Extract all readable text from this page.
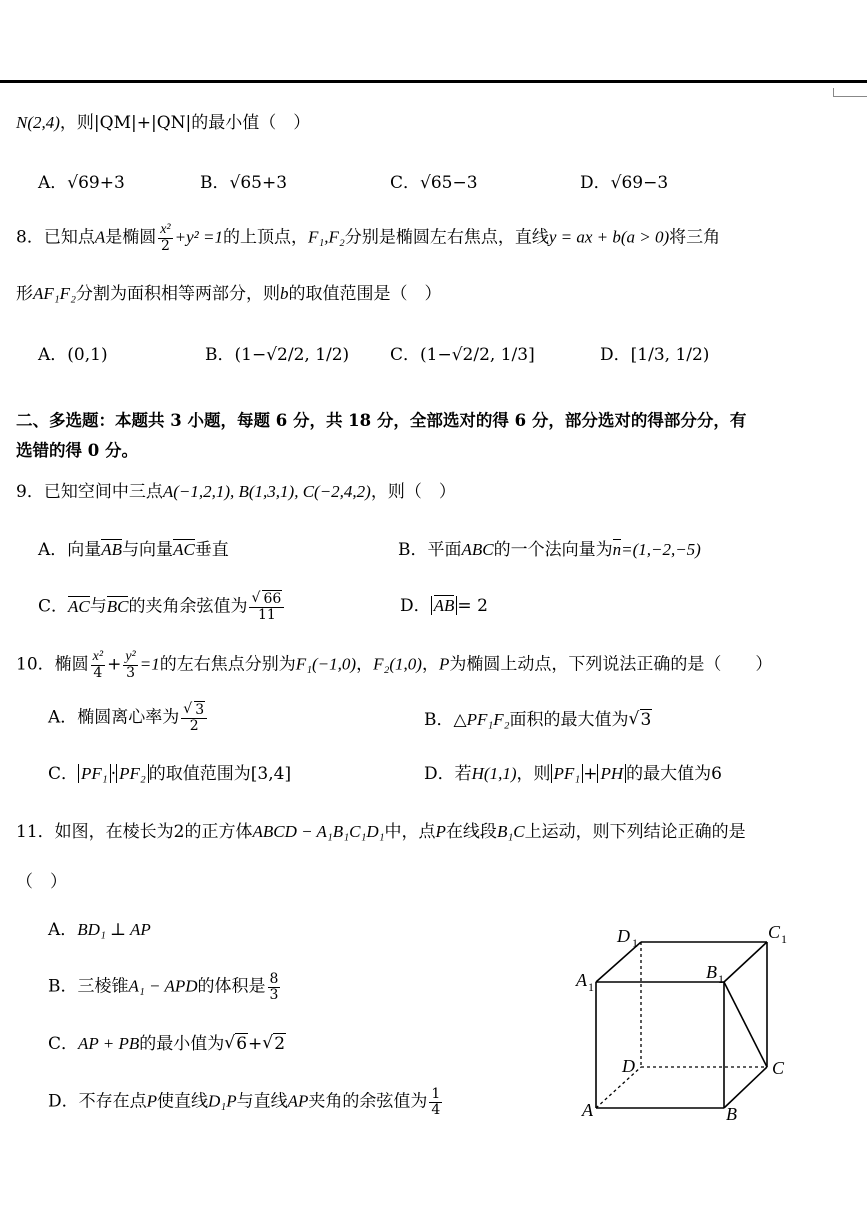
N(2,4)，则|QM|+|QN|的最小值（　）
A．√69+3	B．√65+3	C．√65−3	D．√69−3
8．已知点A是椭圆 $\frac{\text{x²}}{2} +y^2 =1$的上顶点，F₁,F₂分别是椭圆左右焦点，直线y = ax + b(a > 0)将三角
形AF₁F₂分割为面积相等两部分，则b的取值范围是（　）
A．(0,1)	B．(1−√2/2, 1/2) C．(1−√2/2, 1/3]	D．[1/3, 1/2)
二、多选题：本题共 3 小题，每题 6 分，共 18 分，全部选对的得 6 分，部分选对的得部分分，有
选错的得 0 分。
9．已知空间中三点A(−1,2,1), B(1,3,1), C(−2,4,2)，则（　）
A．向量AB与向量AC垂直	B．平面ABC的一个法向量为n=(1,−2,−5)
C．AC与BC的夹角余弦值为 √ $\frac{66}{11}$	D． AB = 2
10．椭圆 $\frac{\text{x²}}{4} + \frac{\text{y²}}{3} =1$的左右焦点分别为F₁(−1,0)，F₂(1,0)，P为椭圆上动点，下列说法正确的是（　　）
A．椭圆离心率为 √ $\frac{3}{2}$	B．△PF₁F₂面积的最大值为 √ 3
C． PF₁ · PF₂ 的取值范围为[3,4]	D．若H(1,1)，则 PF₁ + PH 的最大值为6
11．如图，在棱长为2的正方体ABCD − A₁B₁C₁D₁中，点P在线段B₁C上运动，则下列结论正确的是
（　）
A．BD₁ ⊥ AP
B．三棱锥A₁ − APD的体积是 $\frac{8}{3}$
C．AP + PB的最小值为 √ 6+ √ 2
D．不存在点P使直线D₁P与直线AP夹角的余弦值为 $\frac{1}{4}$
D 1
C 1
A 1
B 1
D	C
A	B
